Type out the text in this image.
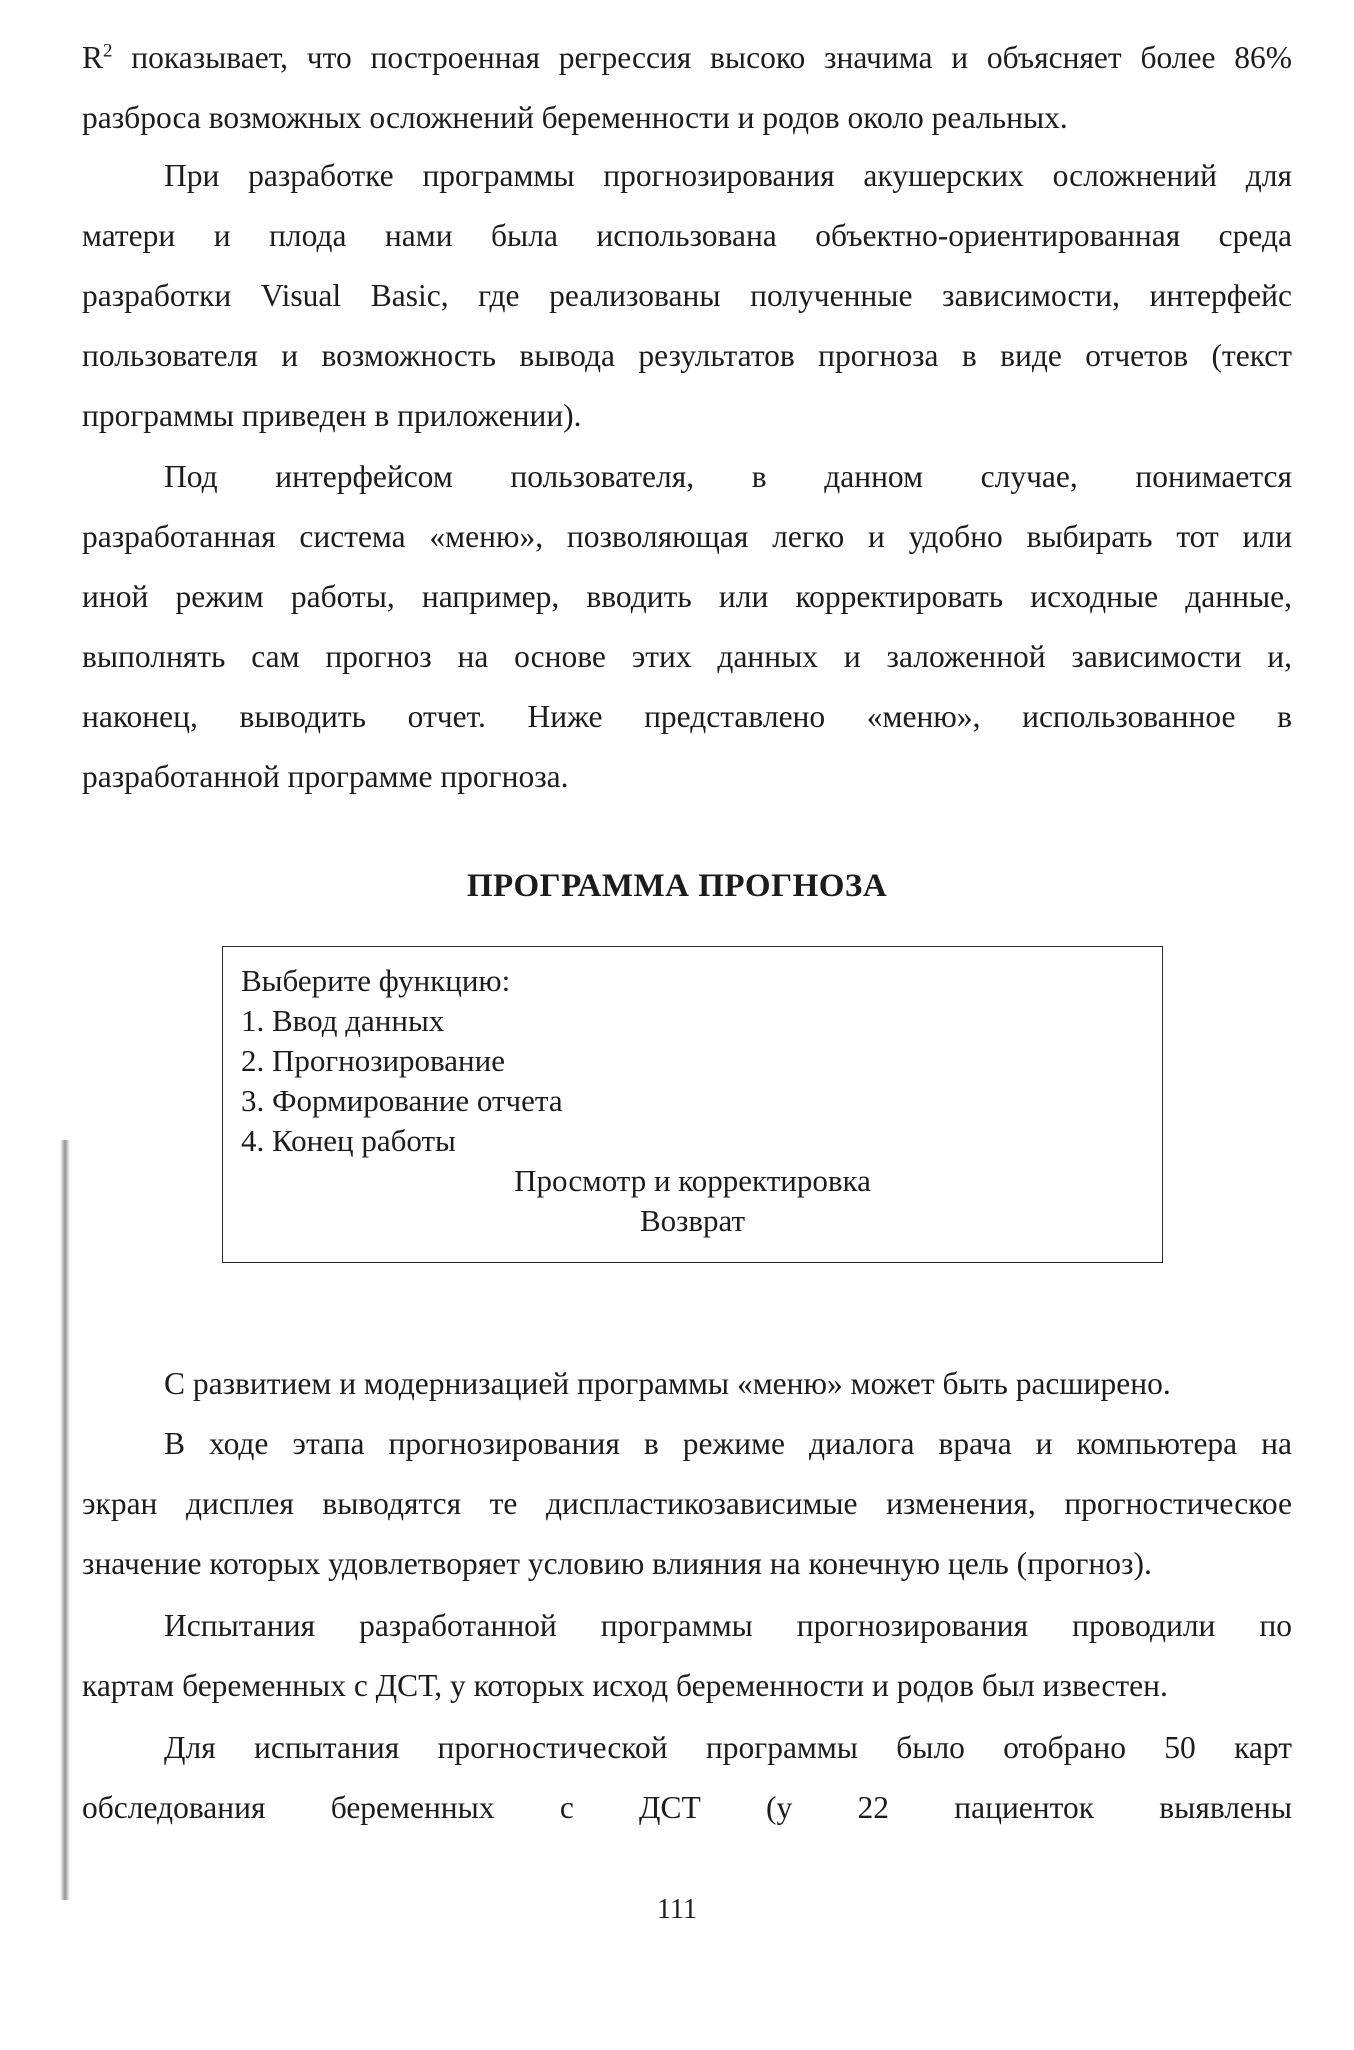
$R^2$ показывает, что построенная регрессия высоко значима и объясняет более 86%
разброса возможных осложнений беременности и родов около реальных.
При разработке программы прогнозирования акушерских осложнений для
матери и плода нами была использована объектно-ориентированная среда
разработки Visual Basic, где реализованы полученные зависимости, интерфейс
пользователя и возможность вывода результатов прогноза в виде отчетов (текст
программы приведен в приложении).
Под интерфейсом пользователя, в данном случае, понимается
разработанная система «меню», позволяющая легко и удобно выбирать тот или
иной режим работы, например, вводить или корректировать исходные данные,
выполнять сам прогноз на основе этих данных и заложенной зависимости и,
наконец, выводить отчет. Ниже представлено «меню», использованное в
разработанной программе прогноза.
ПРОГРАММА ПРОГНОЗА
Выберите функцию:
1. Ввод данных
2. Прогнозирование
3. Формирование отчета
4. Конец работы
Просмотр и корректировка
Возврат
С развитием и модернизацией программы «меню» может быть расширено.
В ходе этапа прогнозирования в режиме диалога врача и компьютера на
экран дисплея выводятся те диспластикозависимые изменения, прогностическое
значение которых удовлетворяет условию влияния на конечную цель (прогноз).
Испытания разработанной программы прогнозирования проводили по
картам беременных с ДСТ, у которых исход беременности и родов был известен.
Для испытания прогностической программы было отобрано 50 карт
обследования беременных с ДСТ (у 22 пациенток выявлены
111
